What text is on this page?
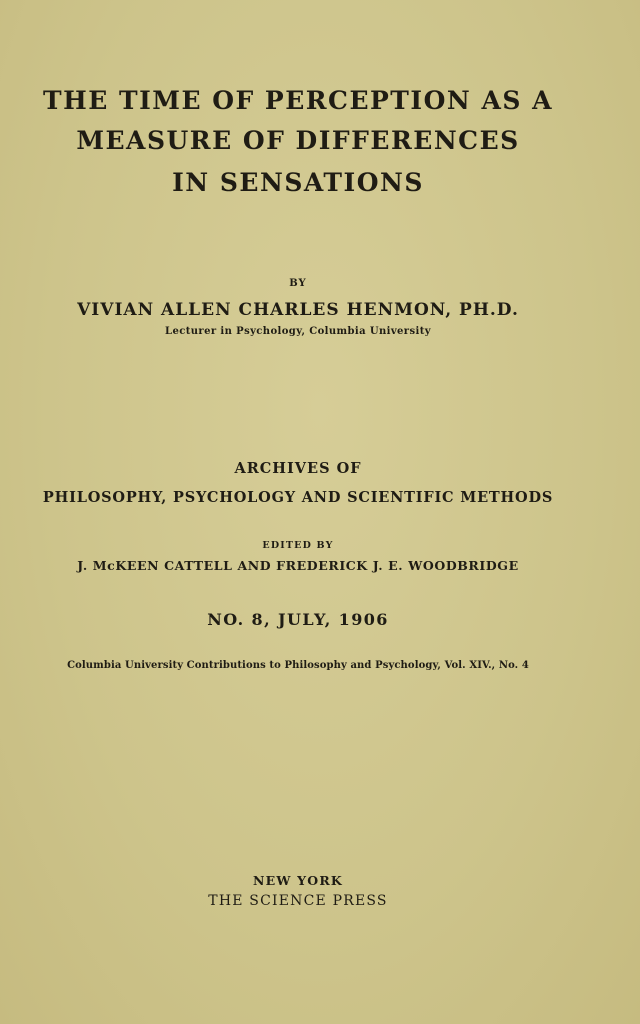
THE TIME OF PERCEPTION AS A
MEASURE OF DIFFERENCES
IN SENSATIONS
BY
VIVIAN ALLEN CHARLES HENMON, PH.D.
Lecturer in Psychology, Columbia University
ARCHIVES OF
PHILOSOPHY, PSYCHOLOGY AND SCIENTIFIC METHODS
EDITED BY
J. McKEEN CATTELL AND FREDERICK J. E. WOODBRIDGE
NO. 8, JULY, 1906
Columbia University Contributions to Philosophy and Psychology, Vol. XIV., No. 4
NEW YORK
THE SCIENCE PRESS
